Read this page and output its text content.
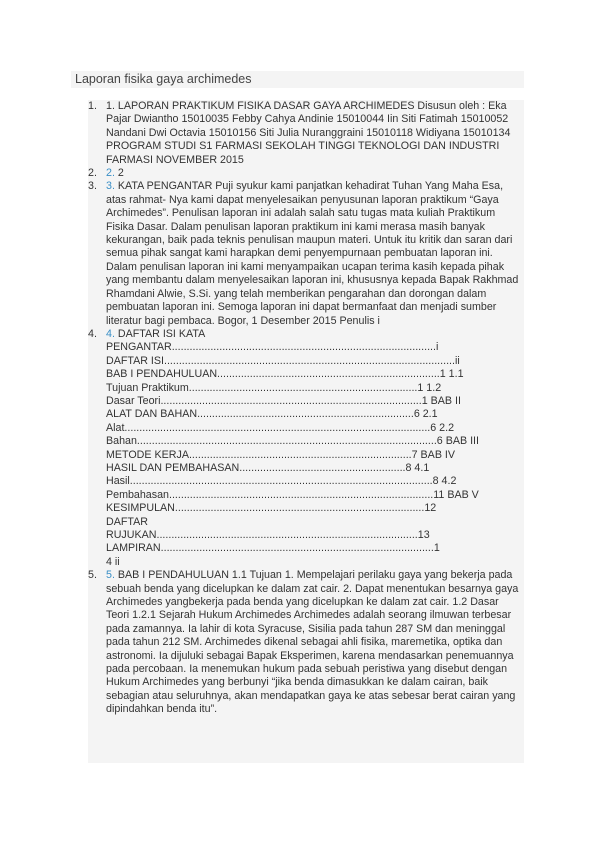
Laporan fisika gaya archimedes
1. 1. LAPORAN PRAKTIKUM FISIKA DASAR GAYA ARCHIMEDES Disusun oleh : Eka Pajar Dwiantho 15010035 Febby Cahya Andinie 15010044 Iin Siti Fatimah 15010052 Nandani Dwi Octavia 15010156 Siti Julia Nuranggraini 15010118 Widiyana 15010134 PROGRAM STUDI S1 FARMASI SEKOLAH TINGGI TEKNOLOGI DAN INDUSTRI FARMASI NOVEMBER 2015
2. 2. 2
3. 3. KATA PENGANTAR Puji syukur kami panjatkan kehadirat Tuhan Yang Maha Esa, atas rahmat- Nya kami dapat menyelesaikan penyusunan laporan praktikum “Gaya Archimedes”. Penulisan laporan ini adalah salah satu tugas mata kuliah Praktikum Fisika Dasar. Dalam penulisan laporan praktikum ini kami merasa masih banyak kekurangan, baik pada teknis penulisan maupun materi. Untuk itu kritik dan saran dari semua pihak sangat kami harapkan demi penyempurnaan pembuatan laporan ini. Dalam penulisan laporan ini kami menyampaikan ucapan terima kasih kepada pihak yang membantu dalam menyelesaikan laporan ini, khususnya kepada Bapak Rakhmad Rhamdani Alwie, S.Si. yang telah memberikan pengarahan dan dorongan dalam pembuatan laporan ini. Semoga laporan ini dapat bermanfaat dan menjadi sumber literatur bagi pembaca. Bogor, 1 Desember 2015 Penulis i
4. 4. DAFTAR ISI KATA
PENGANTAR.........................................................................................i
DAFTAR ISI..................................................................................................ii
BAB I PENDAHULUAN...........................................................................1 1.1
Tujuan Praktikum.............................................................................1 1.2
Dasar Teori........................................................................................1 BAB II
ALAT DAN BAHAN.........................................................................6 2.1
Alat.......................................................................................................6 2.2
Bahan.....................................................................................................6 BAB III
METODE KERJA...........................................................................7 BAB IV
HASIL DAN PEMBAHASAN........................................................8 4.1
Hasil......................................................................................................8 4.2
Pembahasan.........................................................................................11 BAB V
KESIMPULAN....................................................................................12
DAFTAR
RUJUKAN........................................................................................13
LAMPIRAN............................................................................................1
4 ii
5. 5. BAB I PENDAHULUAN 1.1 Tujuan 1. Mempelajari perilaku gaya yang bekerja pada sebuah benda yang dicelupkan ke dalam zat cair. 2. Dapat menentukan besarnya gaya Archimedes yangbekerja pada benda yang dicelupkan ke dalam zat cair. 1.2 Dasar Teori 1.2.1 Sejarah Hukum Archimedes Archimedes adalah seorang ilmuwan terbesar pada zamannya. Ia lahir di kota Syracuse, Sisilia pada tahun 287 SM dan meninggal pada tahun 212 SM. Archimedes dikenal sebagai ahli fisika, maremetika, optika dan astronomi. Ia dijuluki sebagai Bapak Eksperimen, karena mendasarkan penemuannya pada percobaan. Ia menemukan hukum pada sebuah peristiwa yang disebut dengan Hukum Archimedes yang berbunyi “jika benda dimasukkan ke dalam cairan, baik sebagian atau seluruhnya, akan mendapatkan gaya ke atas sebesar berat cairan yang dipindahkan benda itu”.
